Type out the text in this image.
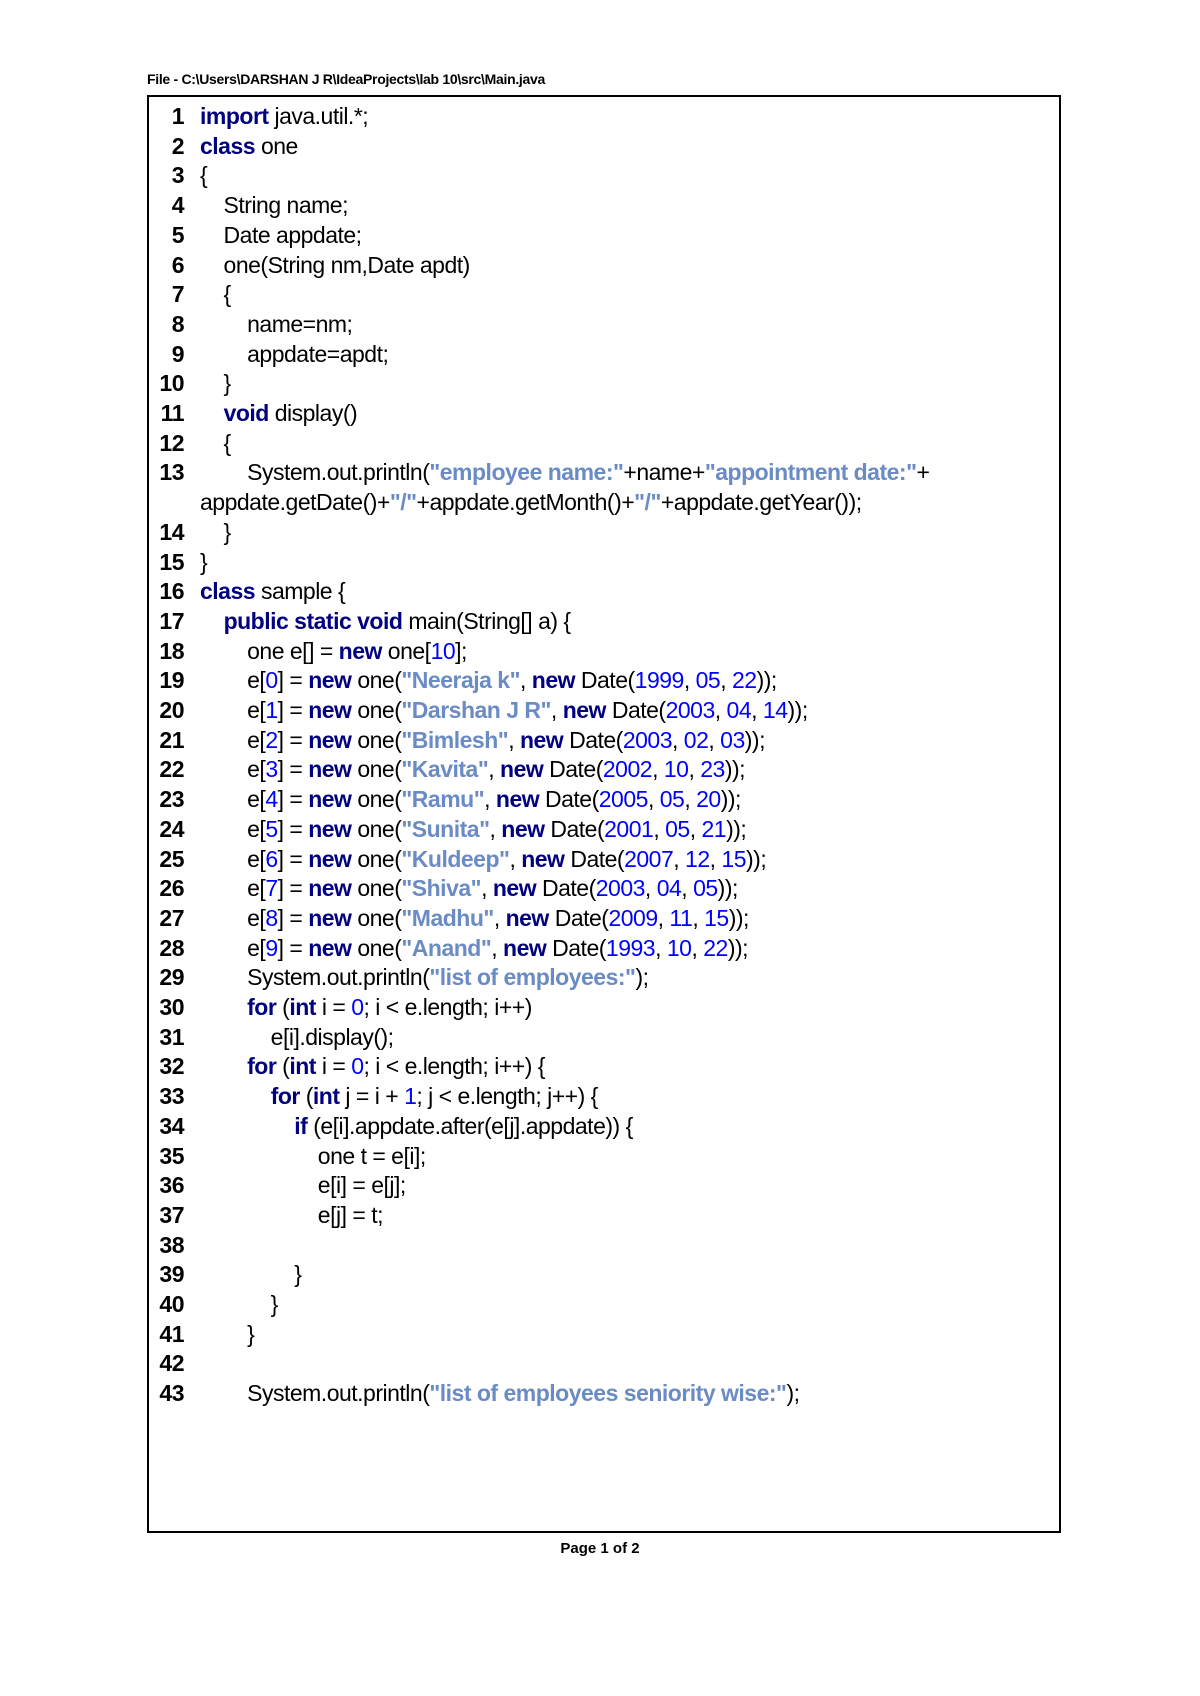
File - C:\Users\DARSHAN J R\IdeaProjects\lab 10\src\Main.java
1 import java.util.*;
2 class one
3 {
4 String name;
5 Date appdate;
6 one(String nm,Date apdt)
7 {
8 name=nm;
9 appdate=apdt;
10 }
11	void display()
12 {
13 System.out.println("employee name:"+name+"appointment date:"+
appdate.getDate()+"/"+appdate.getMonth()+"/"+appdate.getYear());
14 }
15 }
16 class sample {
17	public static void main(String[] a) {
18 one e[] = new one[10];
19 e[0] = new one("Neeraja k", new Date(1999, 05, 22));
20 e[1] = new one("Darshan J R", new Date(2003, 04, 14));
21 e[2] = new one("Bimlesh", new Date(2003, 02, 03));
22 e[3] = new one("Kavita", new Date(2002, 10, 23));
23 e[4] = new one("Ramu", new Date(2005, 05, 20));
24 e[5] = new one("Sunita", new Date(2001, 05, 21));
25 e[6] = new one("Kuldeep", new Date(2007, 12, 15));
26 e[7] = new one("Shiva", new Date(2003, 04, 05));
27 e[8] = new one("Madhu", new Date(2009, 11, 15));
28 e[9] = new one("Anand", new Date(1993, 10, 22));
29 System.out.println("list of employees:");
30	for (int i = 0; i < e.length; i++)
31 e[i].display();
32	for (int i = 0; i < e.length; i++) {
33	for (int j = i + 1; j < e.length; j++) {
34	if (e[i].appdate.after(e[j].appdate)) {
35 one t = e[i];
36 e[i] = e[j];
37 e[j] = t;
38
39 }
40 }
41 }
42
43 System.out.println("list of employees seniority wise:");
Page 1 of 2
